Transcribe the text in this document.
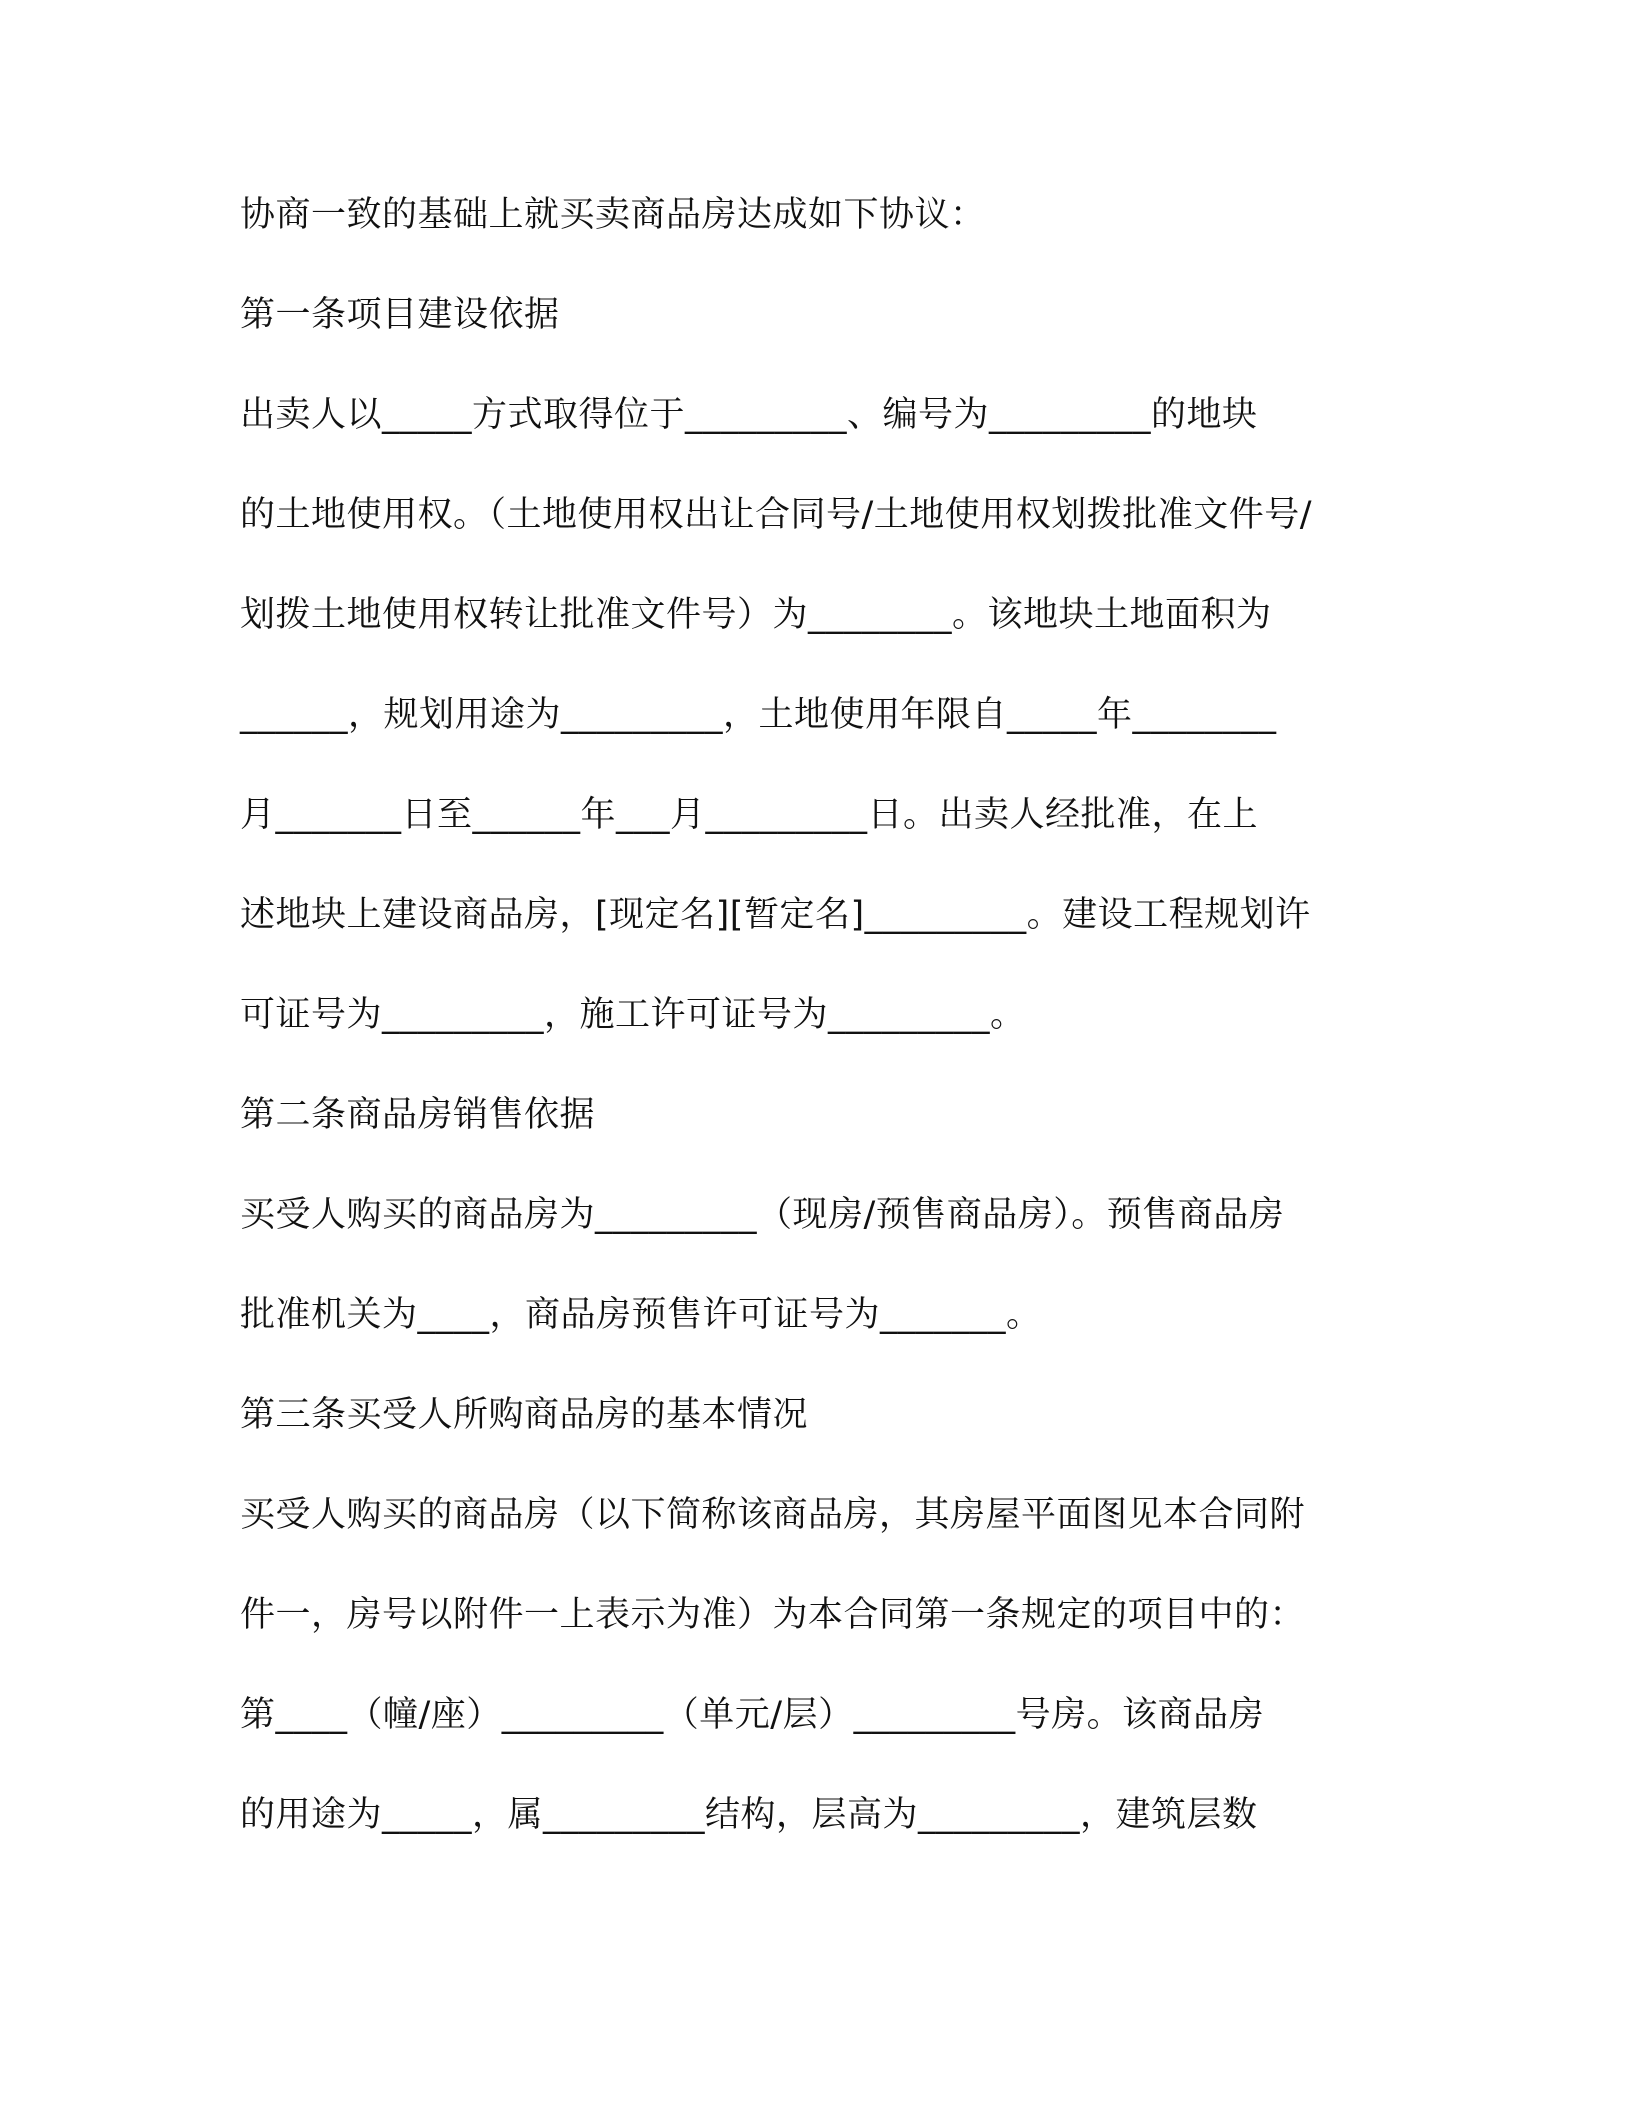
协商一致的基础上就买卖商品房达成如下协议：
第一条项目建设依据
出卖人以_____方式取得位于_________、编号为_________的地块
的土地使用权。（土地使用权出让合同号/土地使用权划拨批准文件号/
划拨土地使用权转让批准文件号）为________。该地块土地面积为
______，规划用途为_________，土地使用年限自_____年________
月_______日至______年___月_________日。出卖人经批准，在上
述地块上建设商品房，[现定名][暂定名]_________。建设工程规划许
可证号为_________，施工许可证号为_________。
第二条商品房销售依据
买受人购买的商品房为_________（现房/预售商品房）。预售商品房
批准机关为____，商品房预售许可证号为_______。
第三条买受人所购商品房的基本情况
买受人购买的商品房（以下简称该商品房，其房屋平面图见本合同附
件一，房号以附件一上表示为准）为本合同第一条规定的项目中的：
第____（幢/座）_________（单元/层）_________号房。该商品房
的用途为_____，属_________结构，层高为_________，建筑层数
